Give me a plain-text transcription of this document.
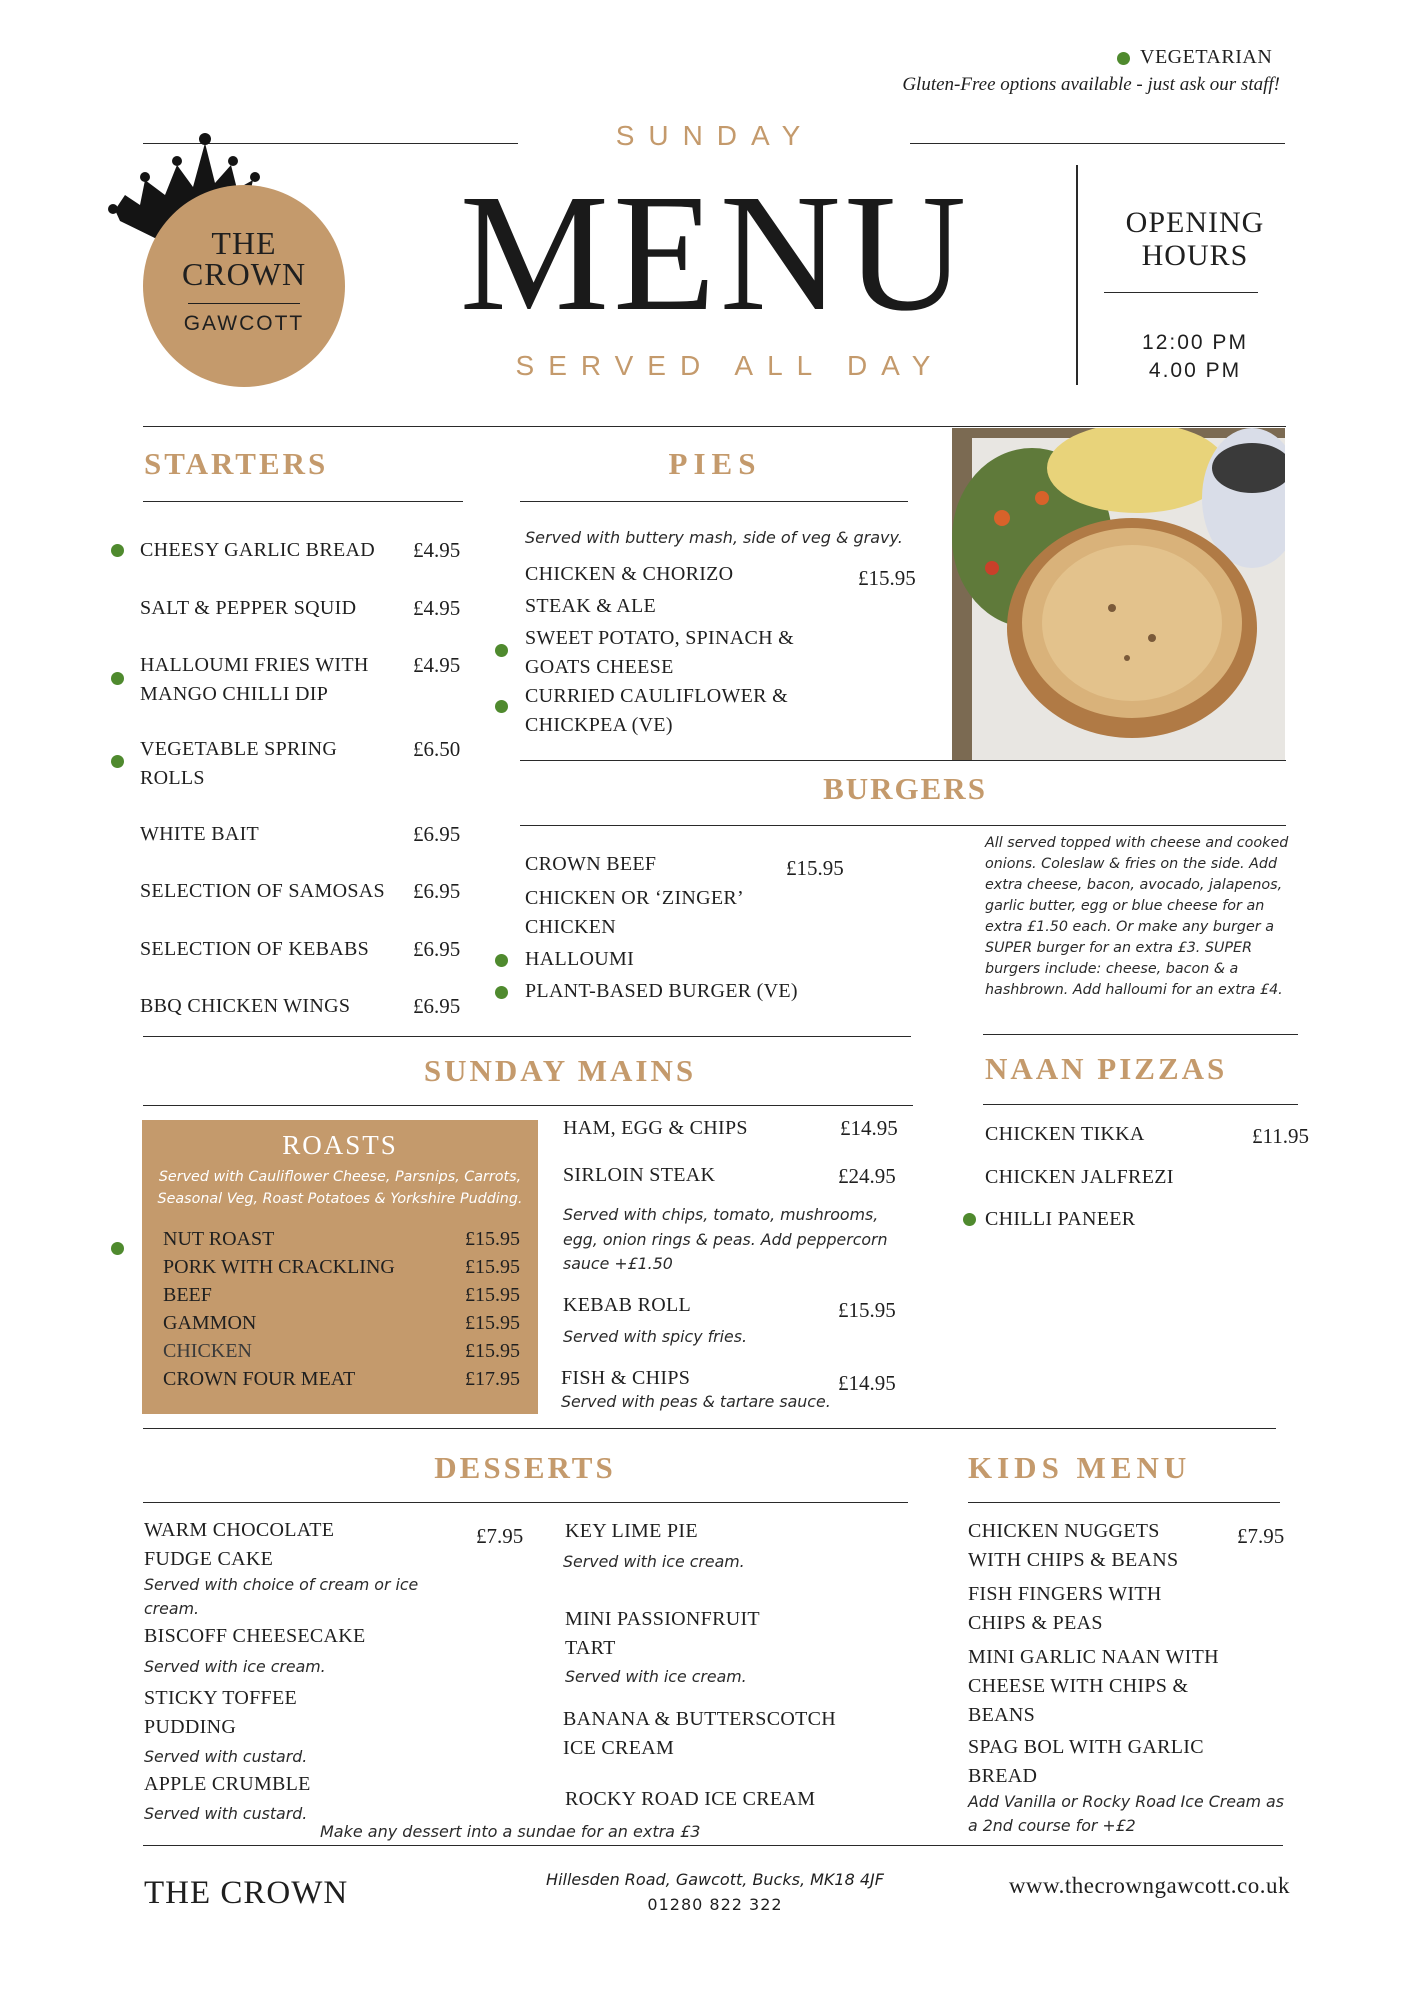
VEGETARIAN
Gluten-Free options available - just ask our staff!
THE
CROWN
GAWCOTT
SUNDAY
MENU
SERVED ALL DAY
OPENING
HOURS
12:00 PM
4.00 PM
STARTERS
CHEESY GARLIC BREAD	£4.95
SALT & PEPPER SQUID	£4.95
HALLOUMI FRIES WITH MANGO CHILLI DIP
£4.95
VEGETABLE SPRING ROLLS
£6.50
WHITE BAIT	£6.95
SELECTION OF SAMOSAS	£6.95
SELECTION OF KEBABS	£6.95
BBQ CHICKEN WINGS	£6.95
PIES
Served with buttery mash, side of veg & gravy.
CHICKEN & CHORIZO	£15.95
STEAK & ALE
SWEET POTATO, SPINACH & GOATS CHEESE
CURRIED CAULIFLOWER & CHICKPEA (VE)
BURGERS
CROWN BEEF	£15.95
CHICKEN OR ‘ZINGER’ CHICKEN
HALLOUMI
PLANT-BASED BURGER (VE)
All served topped with cheese and cooked onions. Coleslaw & fries on the side. Add extra cheese, bacon, avocado, jalapenos, garlic butter, egg or blue cheese for an extra £1.50 each. Or make any burger a SUPER burger for an extra £3. SUPER burgers include: cheese, bacon & a hashbrown. Add halloumi for an extra £4.
SUNDAY MAINS
ROASTS
Served with Cauliflower Cheese, Parsnips, Carrots, Seasonal Veg, Roast Potatoes & Yorkshire Pudding.
NUT ROAST	£15.95
PORK WITH CRACKLING	£15.95
BEEF	£15.95
GAMMON	£15.95
CHICKEN	£15.95
CROWN FOUR MEAT	£17.95
HAM, EGG & CHIPS	£14.95
SIRLOIN STEAK	£24.95
Served with chips, tomato, mushrooms, egg, onion rings & peas. Add peppercorn sauce +£1.50
KEBAB ROLL	£15.95
Served with spicy fries.
FISH & CHIPS	£14.95
Served with peas & tartare sauce.
NAAN PIZZAS
CHICKEN TIKKA	£11.95
CHICKEN JALFREZI
CHILLI PANEER
DESSERTS
WARM CHOCOLATE FUDGE CAKE
£7.95
Served with choice of cream or ice cream.
BISCOFF CHEESECAKE
Served with ice cream.
STICKY TOFFEE PUDDING
Served with custard.
APPLE CRUMBLE
Served with custard.
KEY LIME PIE
Served with ice cream.
MINI PASSIONFRUIT TART
Served with ice cream.
BANANA & BUTTERSCOTCH ICE CREAM
ROCKY ROAD ICE CREAM
Make any dessert into a sundae for an extra £3
KIDS MENU
CHICKEN NUGGETS WITH CHIPS & BEANS
£7.95
FISH FINGERS WITH CHIPS & PEAS
MINI GARLIC NAAN WITH CHEESE WITH CHIPS & BEANS
SPAG BOL WITH GARLIC BREAD
Add Vanilla or Rocky Road Ice Cream as a 2nd course for +£2
THE CROWN	Hillesden Road, Gawcott, Bucks, MK18 4JF
01280 822 322
www.thecrowngawcott.co.uk
